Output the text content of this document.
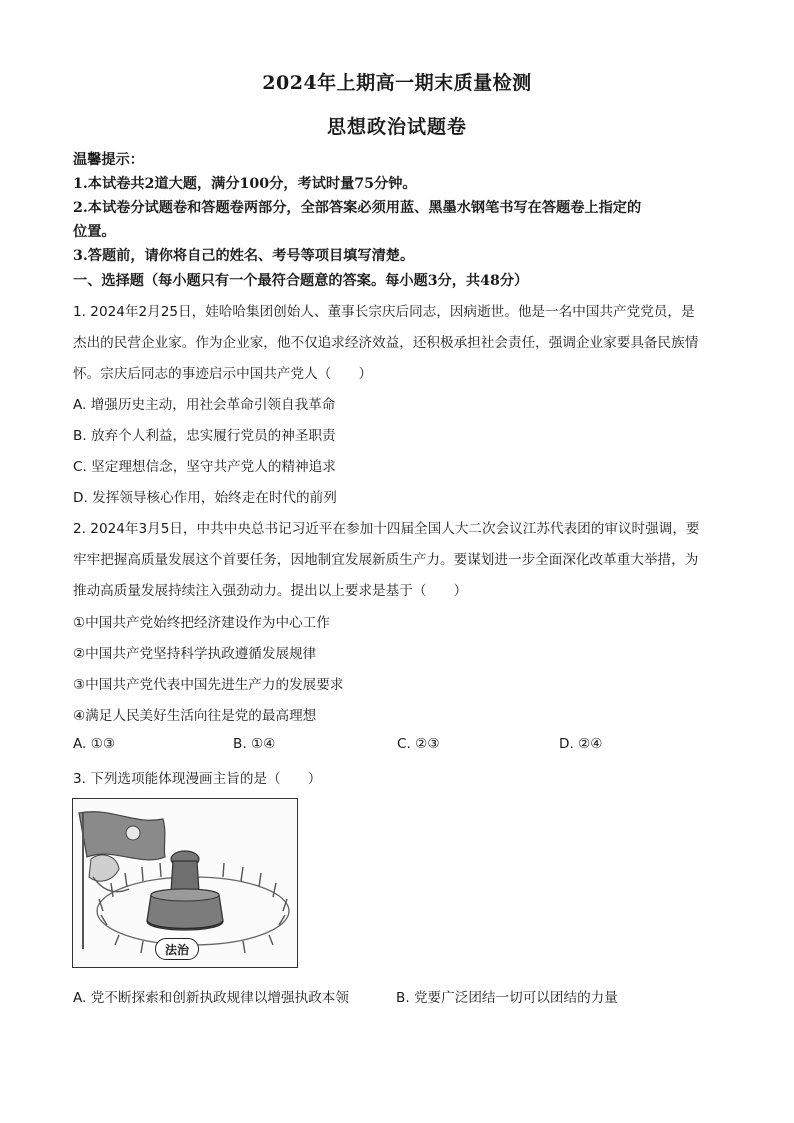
2024年上期高一期末质量检测
思想政治试题卷
温馨提示：
1.本试卷共2道大题，满分100分，考试时量75分钟。
2.本试卷分试题卷和答题卷两部分，全部答案必须用蓝、黑墨水钢笔书写在答题卷上指定的
位置。
3.答题前，请你将自己的姓名、考号等项目填写清楚。
一、选择题（每小题只有一个最符合题意的答案。每小题3分，共48分）
1. 2024年2月25日，娃哈哈集团创始人、董事长宗庆后同志，因病逝世。他是一名中国共产党党员，是
杰出的民营企业家。作为企业家，他不仅追求经济效益，还积极承担社会责任，强调企业家要具备民族情
怀。宗庆后同志的事迹启示中国共产党人（　　）
A. 增强历史主动，用社会革命引领自我革命
B. 放弃个人利益，忠实履行党员的神圣职责
C. 坚定理想信念，坚守共产党人的精神追求
D. 发挥领导核心作用，始终走在时代的前列
2. 2024年3月5日，中共中央总书记习近平在参加十四届全国人大二次会议江苏代表团的审议时强调，要
牢牢把握高质量发展这个首要任务，因地制宜发展新质生产力。要谋划进一步全面深化改革重大举措，为
推动高质量发展持续注入强劲动力。提出以上要求是基于（　　）
①中国共产党始终把经济建设作为中心工作
②中国共产党坚持科学执政遵循发展规律
③中国共产党代表中国先进生产力的发展要求
④满足人民美好生活向往是党的最高理想
A. ①③	B. ①④	C. ②③	D. ②④
3. 下列选项能体现漫画主旨的是（　　）
法治
A. 党不断探索和创新执政规律以增强执政本领	B. 党要广泛团结一切可以团结的力量
